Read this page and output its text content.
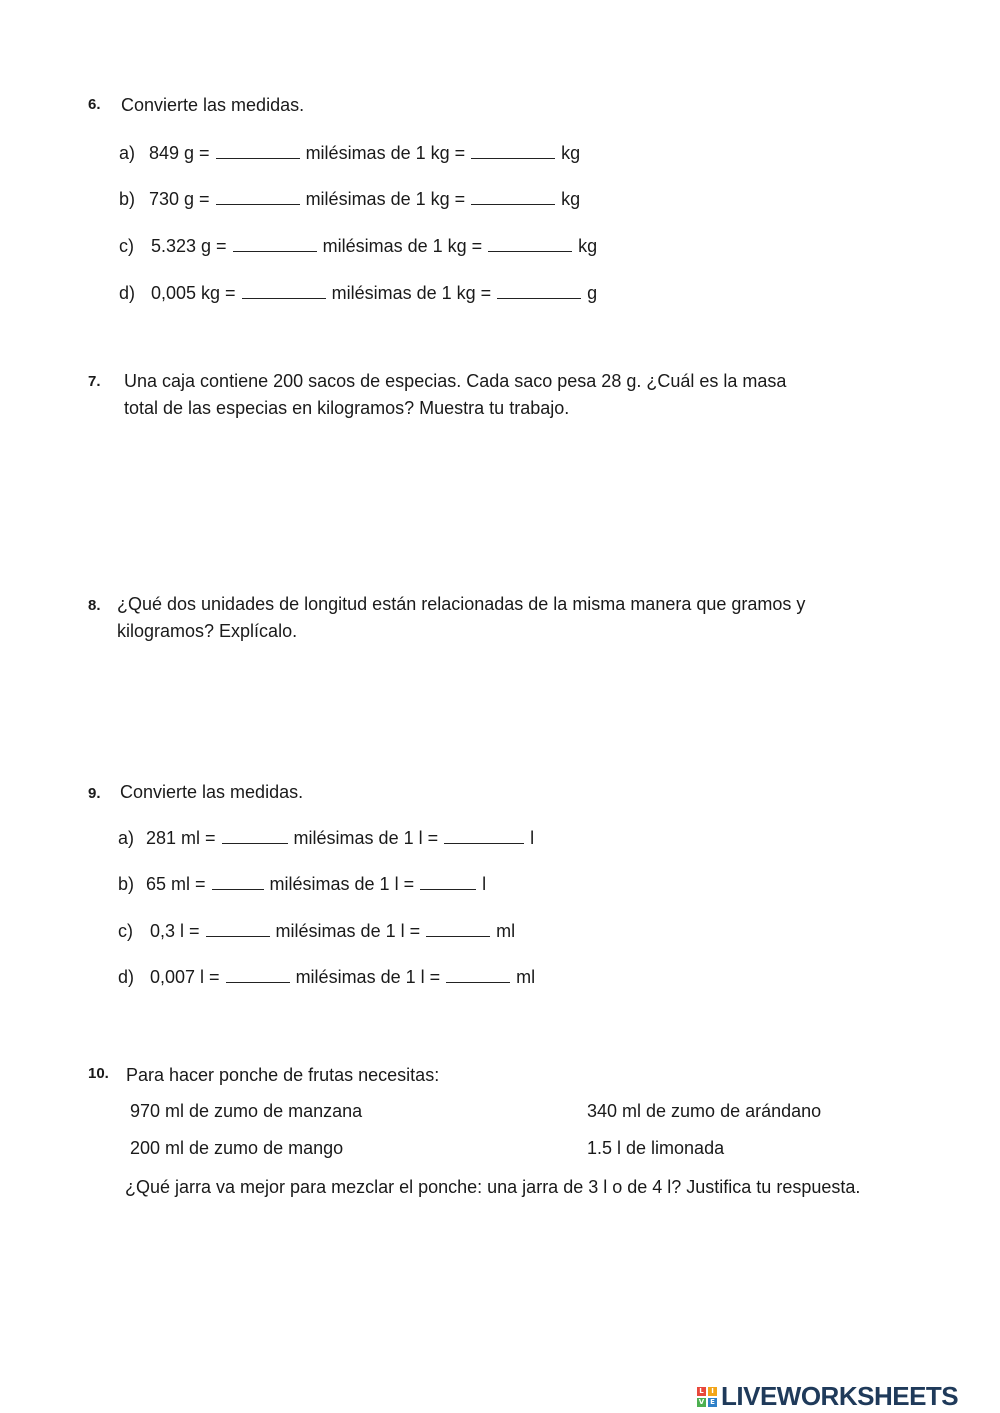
6. Convierte las medidas.
a) 849 g =	milésimas de 1 kg =	kg
b) 730 g =	milésimas de 1 kg =	kg
c) 5.323 g =	milésimas de 1 kg =	kg
d) 0,005 kg =	milésimas de 1 kg =	g
7. Una caja contiene 200 sacos de especias. Cada saco pesa 28 g. ¿Cuál es la masa total de las especias en kilogramos? Muestra tu trabajo.
8. ¿Qué dos unidades de longitud están relacionadas de la misma manera que gramos y kilogramos? Explícalo.
9. Convierte las medidas.
a) 281 ml =	milésimas de 1 l =	l
b) 65 ml =	milésimas de 1 l =	l
c) 0,3 l =	milésimas de 1 l =	ml
d) 0,007 l =	milésimas de 1 l =	ml
10. Para hacer ponche de frutas necesitas:
970 ml de zumo de manzana	340 ml de zumo de arándano
200 ml de zumo de mango	1.5 l de limonada
¿Qué jarra va mejor para mezclar el ponche: una jarra de 3 l o de 4 l? Justifica tu respuesta.
L	I
V E LIVEWORKSHEETS
